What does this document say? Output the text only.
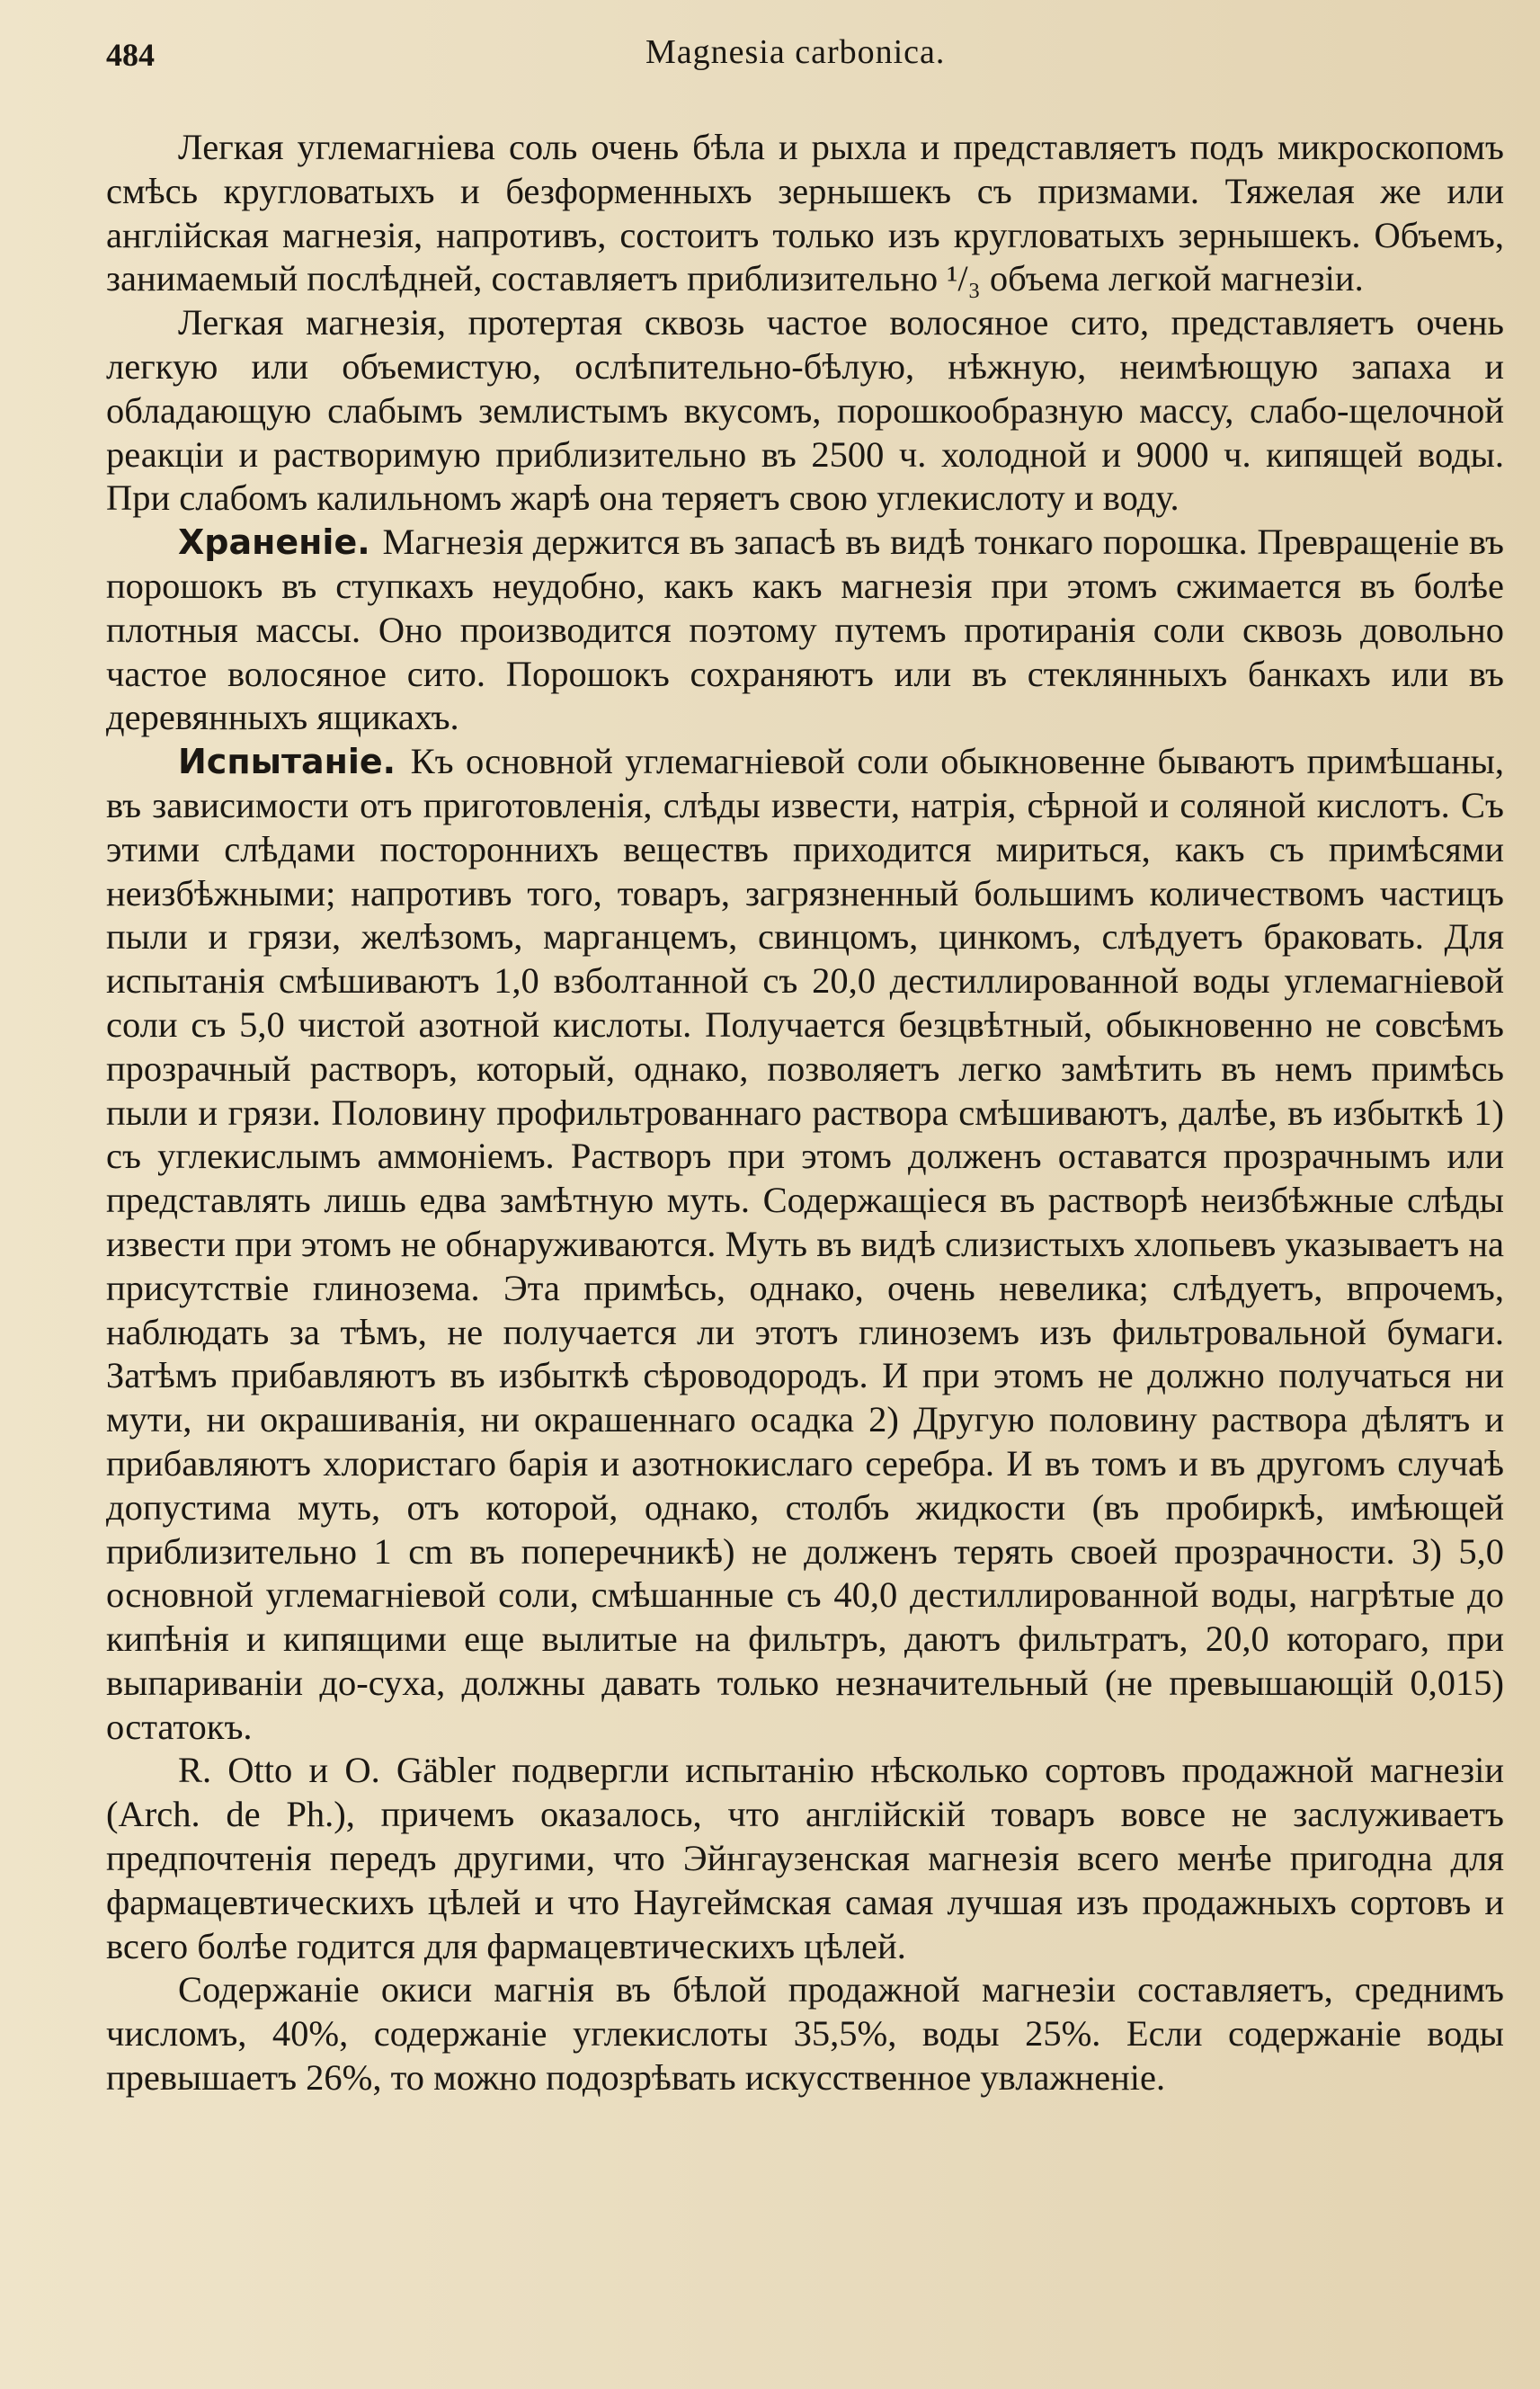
484	Magnesia carbonica.

Легкая углемагнiева соль очень бѣла и рыхла и представляетъ подъ микроскопомъ смѣсь кругловатыхъ и безформенныхъ зернышекъ съ призмами. Тяжелая же или англійская магнезія, напротивъ, состоитъ только изъ кругловатыхъ зернышекъ. Объемъ, занимаемый послѣдней, составляетъ приблизительно ¹/₃ объема легкой магнезіи.

Легкая магнезія, протертая сквозь частое волосяное сито, представляетъ очень легкую или объемистую, ослѣпительно-бѣлую, нѣжную, неимѣющую запаха и обладающую слабымъ землистымъ вкусомъ, порошкообразную массу, слабо-щелочной реакціи и растворимую приблизительно въ 2500 ч. холодной и 9000 ч. кипящей воды. При слабомъ калильномъ жарѣ она теряетъ свою углекислоту и воду.

Храненіе. Магнезія держится въ запасѣ въ видѣ тонкаго порошка. Превращеніе въ порошокъ въ ступкахъ неудобно, какъ какъ магнезія при этомъ сжимается въ болѣе плотныя массы. Оно производится поэтому путемъ протиранія соли сквозь довольно частое волосяное сито. Порошокъ сохраняютъ или въ стеклянныхъ банкахъ или въ деревянныхъ ящикахъ.

Испытаніе. Къ основной углемагніевой соли обыкновенне бываютъ примѣшаны, въ зависимости отъ приготовленія, слѣды извести, натрія, сѣрной и соляной кислотъ. Съ этими слѣдами постороннихъ веществъ приходится мириться, какъ съ примѣсями неизбѣжными; напротивъ того, товаръ, загрязненный большимъ количествомъ частицъ пыли и грязи, желѣзомъ, марганцемъ, свинцомъ, цинкомъ, слѣдуетъ браковать. Для испытанія смѣшиваютъ 1,0 взболтанной съ 20,0 дестиллированной воды углемагніевой соли съ 5,0 чистой азотной кислоты. Получается безцвѣтный, обыкновенно не совсѣмъ прозрачный растворъ, который, однако, позволяетъ легко замѣтить въ немъ примѣсь пыли и грязи. Половину профильтрованнаго раствора смѣшиваютъ, далѣе, въ избыткѣ 1) съ углекислымъ аммоніемъ. Растворъ при этомъ долженъ оставатся прозрачнымъ или представлять лишь едва замѣтную муть. Содержащіеся въ растворѣ неизбѣжные слѣды извести при этомъ не обнаруживаются. Муть въ видѣ слизистыхъ хлопьевъ указываетъ на присутствіе глинозема. Эта примѣсь, однако, очень невелика; слѣдуетъ, впрочемъ, наблюдать за тѣмъ, не получается ли этотъ глиноземъ изъ фильтровальной бумаги. Затѣмъ прибавляютъ въ избыткѣ сѣроводородъ. И при этомъ не должно получаться ни мути, ни окрашиванія, ни окрашеннаго осадка 2) Другую половину раствора дѣлятъ и прибавляютъ хлористаго барія и азотнокислаго серебра. И въ томъ и въ другомъ случаѣ допустима муть, отъ которой, однако, столбъ жидкости (въ пробиркѣ, имѣющей приблизительно 1 cm въ поперечникѣ) не долженъ терять своей прозрачности. 3) 5,0 основной углемагніевой соли, смѣшанные съ 40,0 дестиллированной воды, нагрѣтые до кипѣнія и кипящими еще вылитые на фильтръ, даютъ фильтратъ, 20,0 котораго, при выпариваніи до-суха, должны давать только незначительный (не превышающій 0,015) остатокъ.

R. Otto и O. Gäbler подвергли испытанію нѣсколько сортовъ продажной магнезіи (Arch. de Ph.), причемъ оказалось, что англійскій товаръ вовсе не заслуживаетъ предпочтенія передъ другими, что Эйнгаузенская магнезія всего менѣе пригодна для фармацевтическихъ цѣлей и что Наугеймская самая лучшая изъ продажныхъ сортовъ и всего болѣе годится для фармацевтическихъ цѣлей.

Содержаніе окиси магнія въ бѣлой продажной магнезіи составляетъ, среднимъ числомъ, 40%, содержаніе углекислоты 35,5%, воды 25%. Если содержаніе воды превышаетъ 26%, то можно подозрѣвать искусственное увлажненіе.
